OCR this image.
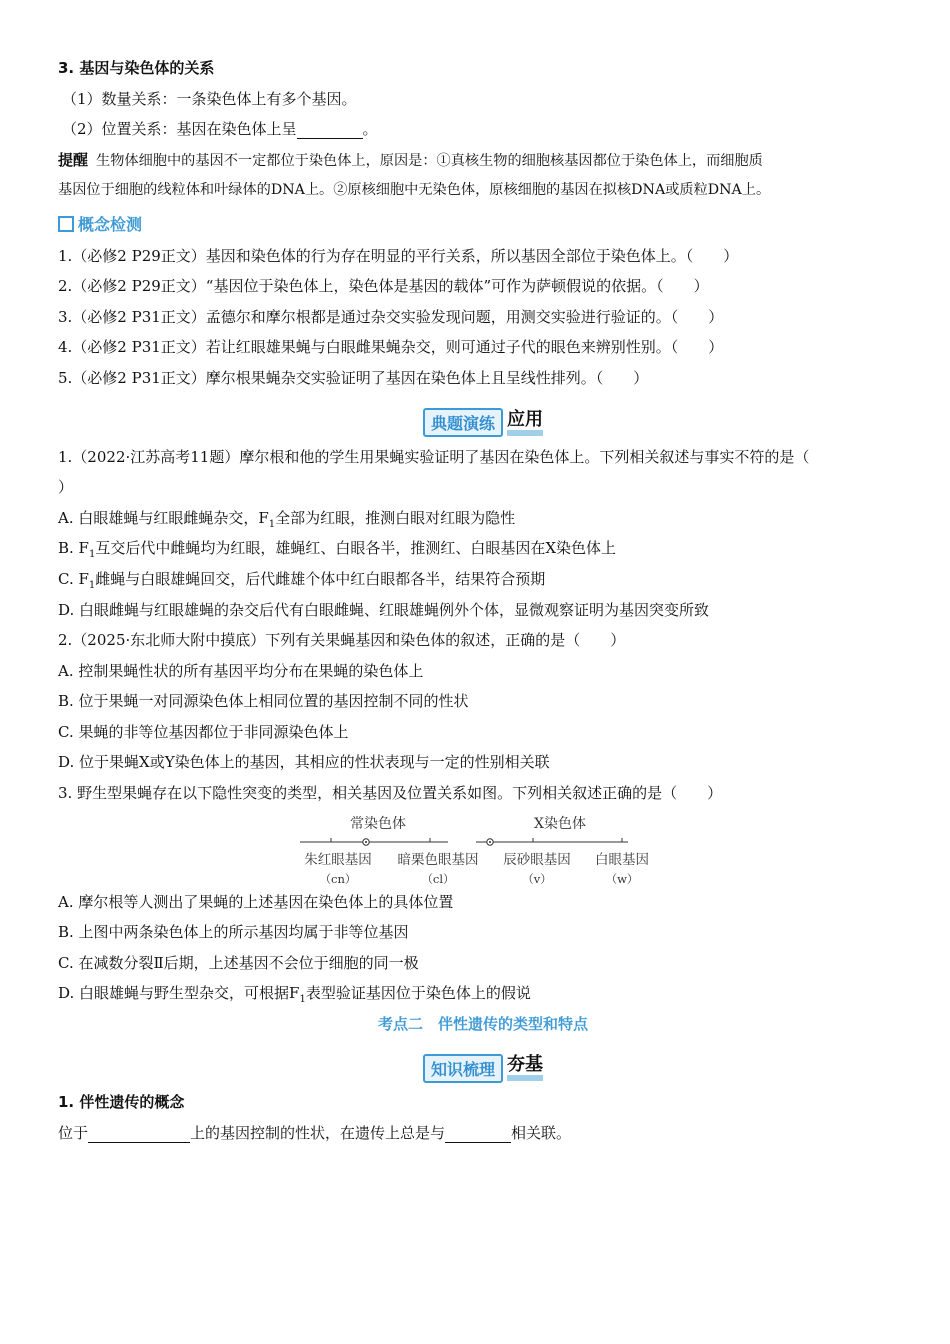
3. 基因与染色体的关系
（1）数量关系：一条染色体上有多个基因。
（2）位置关系：基因在染色体上呈	。
提醒 生物体细胞中的基因不一定都位于染色体上，原因是：①真核生物的细胞核基因都位于染色体上，而细胞质
基因位于细胞的线粒体和叶绿体的DNA上。②原核细胞中无染色体，原核细胞的基因在拟核DNA或质粒DNA上。
概念检测
1.（必修2 P29正文）基因和染色体的行为存在明显的平行关系，所以基因全部位于染色体上。（　　）
2.（必修2 P29正文）“基因位于染色体上，染色体是基因的载体”可作为萨顿假说的依据。（　　）
3.（必修2 P31正文）孟德尔和摩尔根都是通过杂交实验发现问题，用测交实验进行验证的。（　　）
4.（必修2 P31正文）若让红眼雄果蝇与白眼雌果蝇杂交，则可通过子代的眼色来辨别性别。（　　）
5.（必修2 P31正文）摩尔根果蝇杂交实验证明了基因在染色体上且呈线性排列。（　　）
典题演练 应用
1.（2022·江苏高考11题）摩尔根和他的学生用果蝇实验证明了基因在染色体上。下列相关叙述与事实不符的是（
）
A. 白眼雄蝇与红眼雌蝇杂交，$F_1$全部为红眼，推测白眼对红眼为隐性
B. $F_1$互交后代中雌蝇均为红眼，雄蝇红、白眼各半，推测红、白眼基因在X染色体上
C. $F_1$雌蝇与白眼雄蝇回交，后代雌雄个体中红白眼都各半，结果符合预期
D. 白眼雌蝇与红眼雄蝇的杂交后代有白眼雌蝇、红眼雄蝇例外个体，显微观察证明为基因突变所致
2.（2025·东北师大附中摸底）下列有关果蝇基因和染色体的叙述，正确的是（　　）
A. 控制果蝇性状的所有基因平均分布在果蝇的染色体上
B. 位于果蝇一对同源染色体上相同位置的基因控制不同的性状
C. 果蝇的非等位基因都位于非同源染色体上
D. 位于果蝇X或Y染色体上的基因，其相应的性状表现与一定的性别相关联
3. 野生型果蝇存在以下隐性突变的类型，相关基因及位置关系如图。下列相关叙述正确的是（　　）
常染色体	X染色体
朱红眼基因 暗栗色眼基因 辰砂眼基因 白眼基因
（cn）	（cl）	（v）	（w）
A. 摩尔根等人测出了果蝇的上述基因在染色体上的具体位置
B. 上图中两条染色体上的所示基因均属于非等位基因
C. 在减数分裂Ⅱ后期，上述基因不会位于细胞的同一极
D. 白眼雄蝇与野生型杂交，可根据$F_1$表型验证基因位于染色体上的假说
考点二　伴性遗传的类型和特点
知识梳理 夯基
1. 伴性遗传的概念
位于	上的基因控制的性状，在遗传上总是与	相关联。
